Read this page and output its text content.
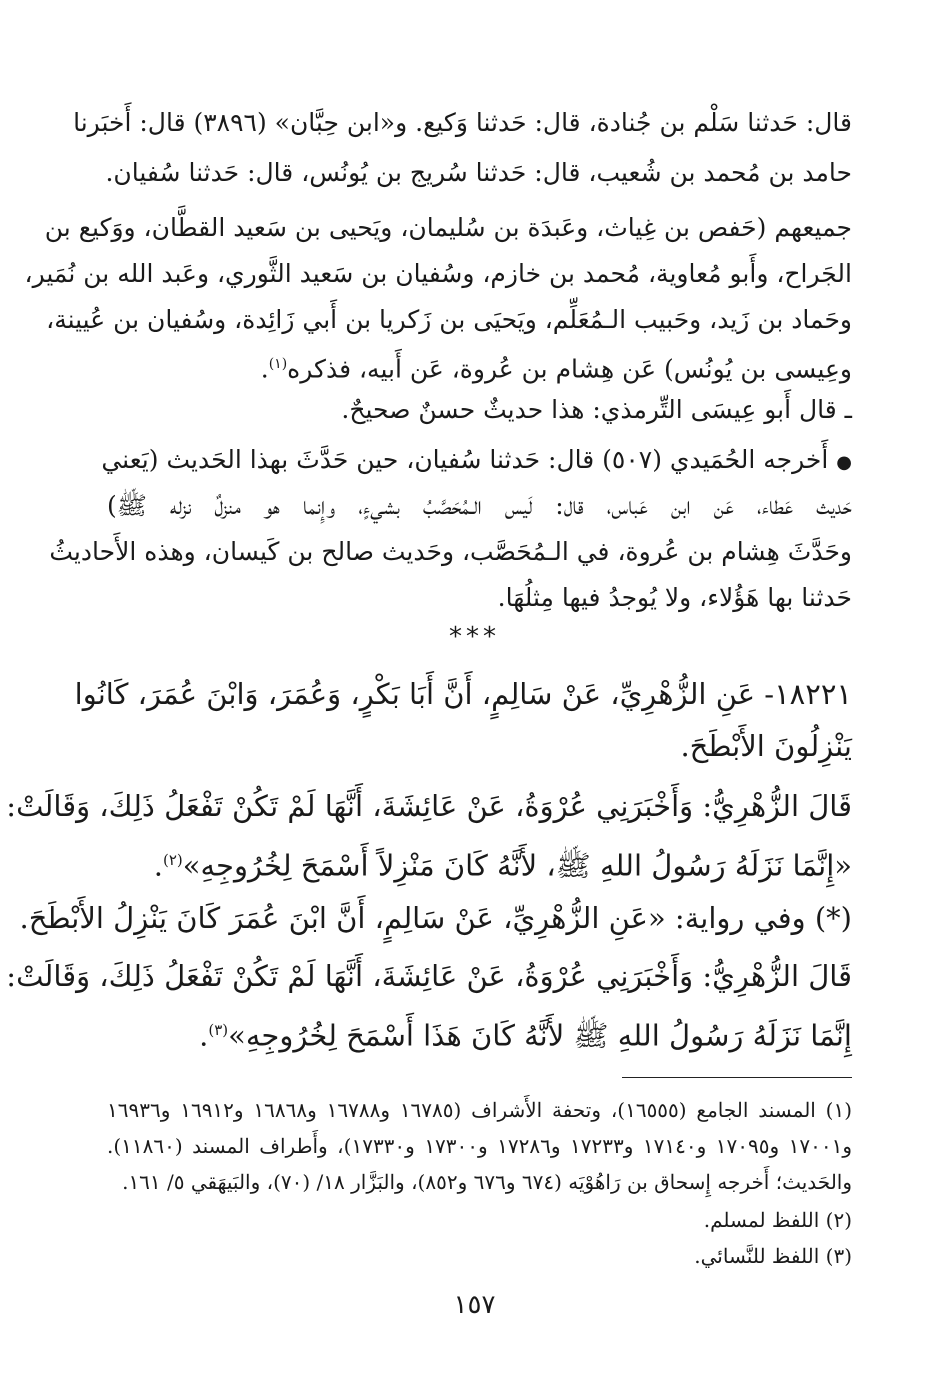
قال: حَدثنا سَلْم بن جُنادة، قال: حَدثنا وَكيع. و«ابن حِبَّان» (٣٨٩٦) قال: أَخبَرنا
حامد بن مُحمد بن شُعيب، قال: حَدثنا سُريج بن يُونُس، قال: حَدثنا سُفيان.
جميعهم (حَفص بن غِياث، وعَبدَة بن سُليمان، ويَحيى بن سَعيد القطَّان، ووَكيع بن
الجَراح، وأَبو مُعاوية، مُحمد بن خازم، وسُفيان بن سَعيد الثَّوري، وعَبد الله بن نُمَير،
وحَماد بن زَيد، وحَبيب الـمُعَلِّم، ويَحيَى بن زَكريا بن أَبي زَائِدة، وسُفيان بن عُيينة،
وعِيسى بن يُونُس) عَن هِشام بن عُروة، عَن أَبيه، فذكره$^{(١)}$.
ـ قال أَبو عِيسَى التِّرمذي: هذا حديثٌ حسنٌ صحيحٌ.
●أَخرجه الحُمَيدي (٥٠٧) قال: حَدثنا سُفيان، حين حَدَّثَ بهذا الحَديث (يَعني
حَديث عَطاء، عَن ابن عَباس، قال: لَيس الـمُحَصَّبُ بشيءٍ، وإِنما هو منزلٌ نزله ﷺ)
وحَدَّثَ هِشام بن عُروة، في الـمُحَصَّب، وحَديث صالح بن كَيسان، وهذه الأَحاديثُ
حَدثنا بها هَؤُلاء، ولا يُوجدُ فيها مِثلُهَا.
***
١٨٢٢١- عَنِ الزُّهْرِيِّ، عَنْ سَالِمٍ، أَنَّ أَبَا بَكْرٍ، وَعُمَرَ، وَابْنَ عُمَرَ، كَانُوا
يَنْزِلُونَ الأَبْطَحَ.
قَالَ الزُّهْرِيُّ: وَأَخْبَرَنِي عُرْوَةُ، عَنْ عَائِشَةَ، أَنَّهَا لَمْ تَكُنْ تَفْعَلُ ذَلِكَ، وَقَالَتْ:
«إِنَّمَا نَزَلَهُ رَسُولُ اللهِ ﷺ، لأَنَّهُ كَانَ مَنْزِلاً أَسْمَحَ لِخُرُوجِهِ»$^{(٢)}$.
(*) وفي رواية: «عَنِ الزُّهْرِيِّ، عَنْ سَالِمٍ، أَنَّ ابْنَ عُمَرَ كَانَ يَنْزِلُ الأَبْطَحَ.
قَالَ الزُّهْرِيُّ: وَأَخْبَرَنِي عُرْوَةُ، عَنْ عَائِشَةَ، أَنَّهَا لَمْ تَكُنْ تَفْعَلُ ذَلِكَ، وَقَالَتْ:
إِنَّمَا نَزَلَهُ رَسُولُ اللهِ ﷺ لأَنَّهُ كَانَ هَذَا أَسْمَحَ لِخُرُوجِهِ»$^{(٣)}$.
(١) المسند الجامع (١٦٥٥٥)، وتحفة الأَشراف (١٦٧٨٥ و١٦٧٨٨ و١٦٨٦٨ و١٦٩١٢ و١٦٩٣٦
و١٧٠٠١ و١٧٠٩٥ و١٧١٤٠ و١٧٢٣٣ و١٧٢٨٦ و١٧٣٠٠ و١٧٣٣٠)، وأَطراف المسند (١١٨٦٠).
والحَديث؛ أَخرجه إِسحاق بن رَاهُوْيَه (٦٧٤ و٦٧٦ و٨٥٢)، والبَزَّار ١٨/ (٧٠)، والبَيهَقي ٥/ ١٦١.
(٢) اللفظ لمسلم.
(٣) اللفظ للنَّسائي.
١٥٧
